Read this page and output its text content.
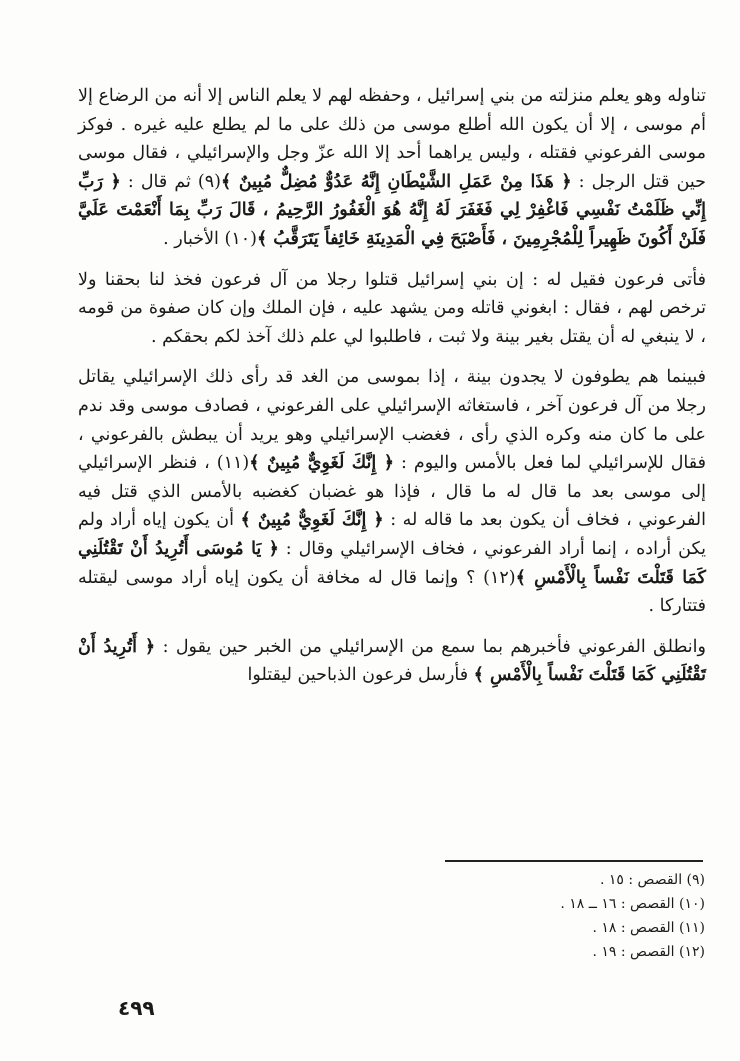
تناوله وهو يعلم منزلته من بني إسرائيل ، وحفظه لهم لا يعلم الناس إلا أنه من الرضاع إلا أم موسى ، إلا أن يكون الله أطلع موسى من ذلك على ما لم يطلع عليه غيره . فوكز موسى الفرعوني فقتله ، وليس يراهما أحد إلا الله عزّ وجل والإسرائيلي ، فقال موسى حين قتل الرجل : ﴿ هَذَا مِنْ عَمَلِ الشَّيْطَانِ إِنَّهُ عَدُوٌّ مُضِلٌّ مُبِينٌ ﴾(٩) ثم قال : ﴿ رَبِّ إِنِّي ظَلَمْتُ نَفْسِي فَاغْفِرْ لِي فَغَفَرَ لَهُ إِنَّهُ هُوَ الْغَفُورُ الرَّحِيمُ ، قَالَ رَبِّ بِمَا أَنْعَمْتَ عَلَيَّ فَلَنْ أَكُونَ ظَهِيراً لِلْمُجْرِمِينَ ، فَأَصْبَحَ فِي الْمَدِينَةِ خَائِفاً يَتَرَقَّبُ ﴾(١٠) الأخبار .

فأتى فرعون فقيل له : إن بني إسرائيل قتلوا رجلا من آل فرعون فخذ لنا بحقنا ولا ترخص لهم ، فقال : ابغوني قاتله ومن يشهد عليه ، فإن الملك وإن كان صفوة من قومه ، لا ينبغي له أن يقتل بغير بينة ولا ثبت ، فاطلبوا لي علم ذلك آخذ لكم بحقكم .

فبينما هم يطوفون لا يجدون بينة ، إذا بموسى من الغد قد رأى ذلك الإسرائيلي يقاتل رجلا من آل فرعون آخر ، فاستغاثه الإسرائيلي على الفرعوني ، فصادف موسى وقد ندم على ما كان منه وكره الذي رأى ، فغضب الإسرائيلي وهو يريد أن يبطش بالفرعوني ، فقال للإسرائيلي لما فعل بالأمس واليوم : ﴿ إِنَّكَ لَغَوِيٌّ مُبِينٌ ﴾(١١) ، فنظر الإسرائيلي إلى موسى بعد ما قال له ما قال ، فإذا هو غضبان كغضبه بالأمس الذي قتل فيه الفرعوني ، فخاف أن يكون بعد ما قاله له : ﴿ إِنَّكَ لَغَوِيٌّ مُبِينٌ ﴾ أن يكون إياه أراد ولم يكن أراده ، إنما أراد الفرعوني ، فخاف الإسرائيلي وقال : ﴿ يَا مُوسَى أَتُرِيدُ أَنْ تَقْتُلَنِي كَمَا قَتَلْتَ نَفْساً بِالْأَمْسِ ﴾(١٢) ؟ وإنما قال له مخافة أن يكون إياه أراد موسى ليقتله فتتاركا .

وانطلق الفرعوني فأخبرهم بما سمع من الإسرائيلي من الخبر حين يقول : ﴿ أَتُرِيدُ أَنْ تَقْتُلَنِي كَمَا قَتَلْتَ نَفْساً بِالْأَمْسِ ﴾ فأرسل فرعون الذباحين ليقتلوا

(٩) القصص : ١٥ .
(١٠) القصص : ١٦ ــ ١٨ .
(١١) القصص : ١٨ .
(١٢) القصص : ١٩ .
٤٩٩
